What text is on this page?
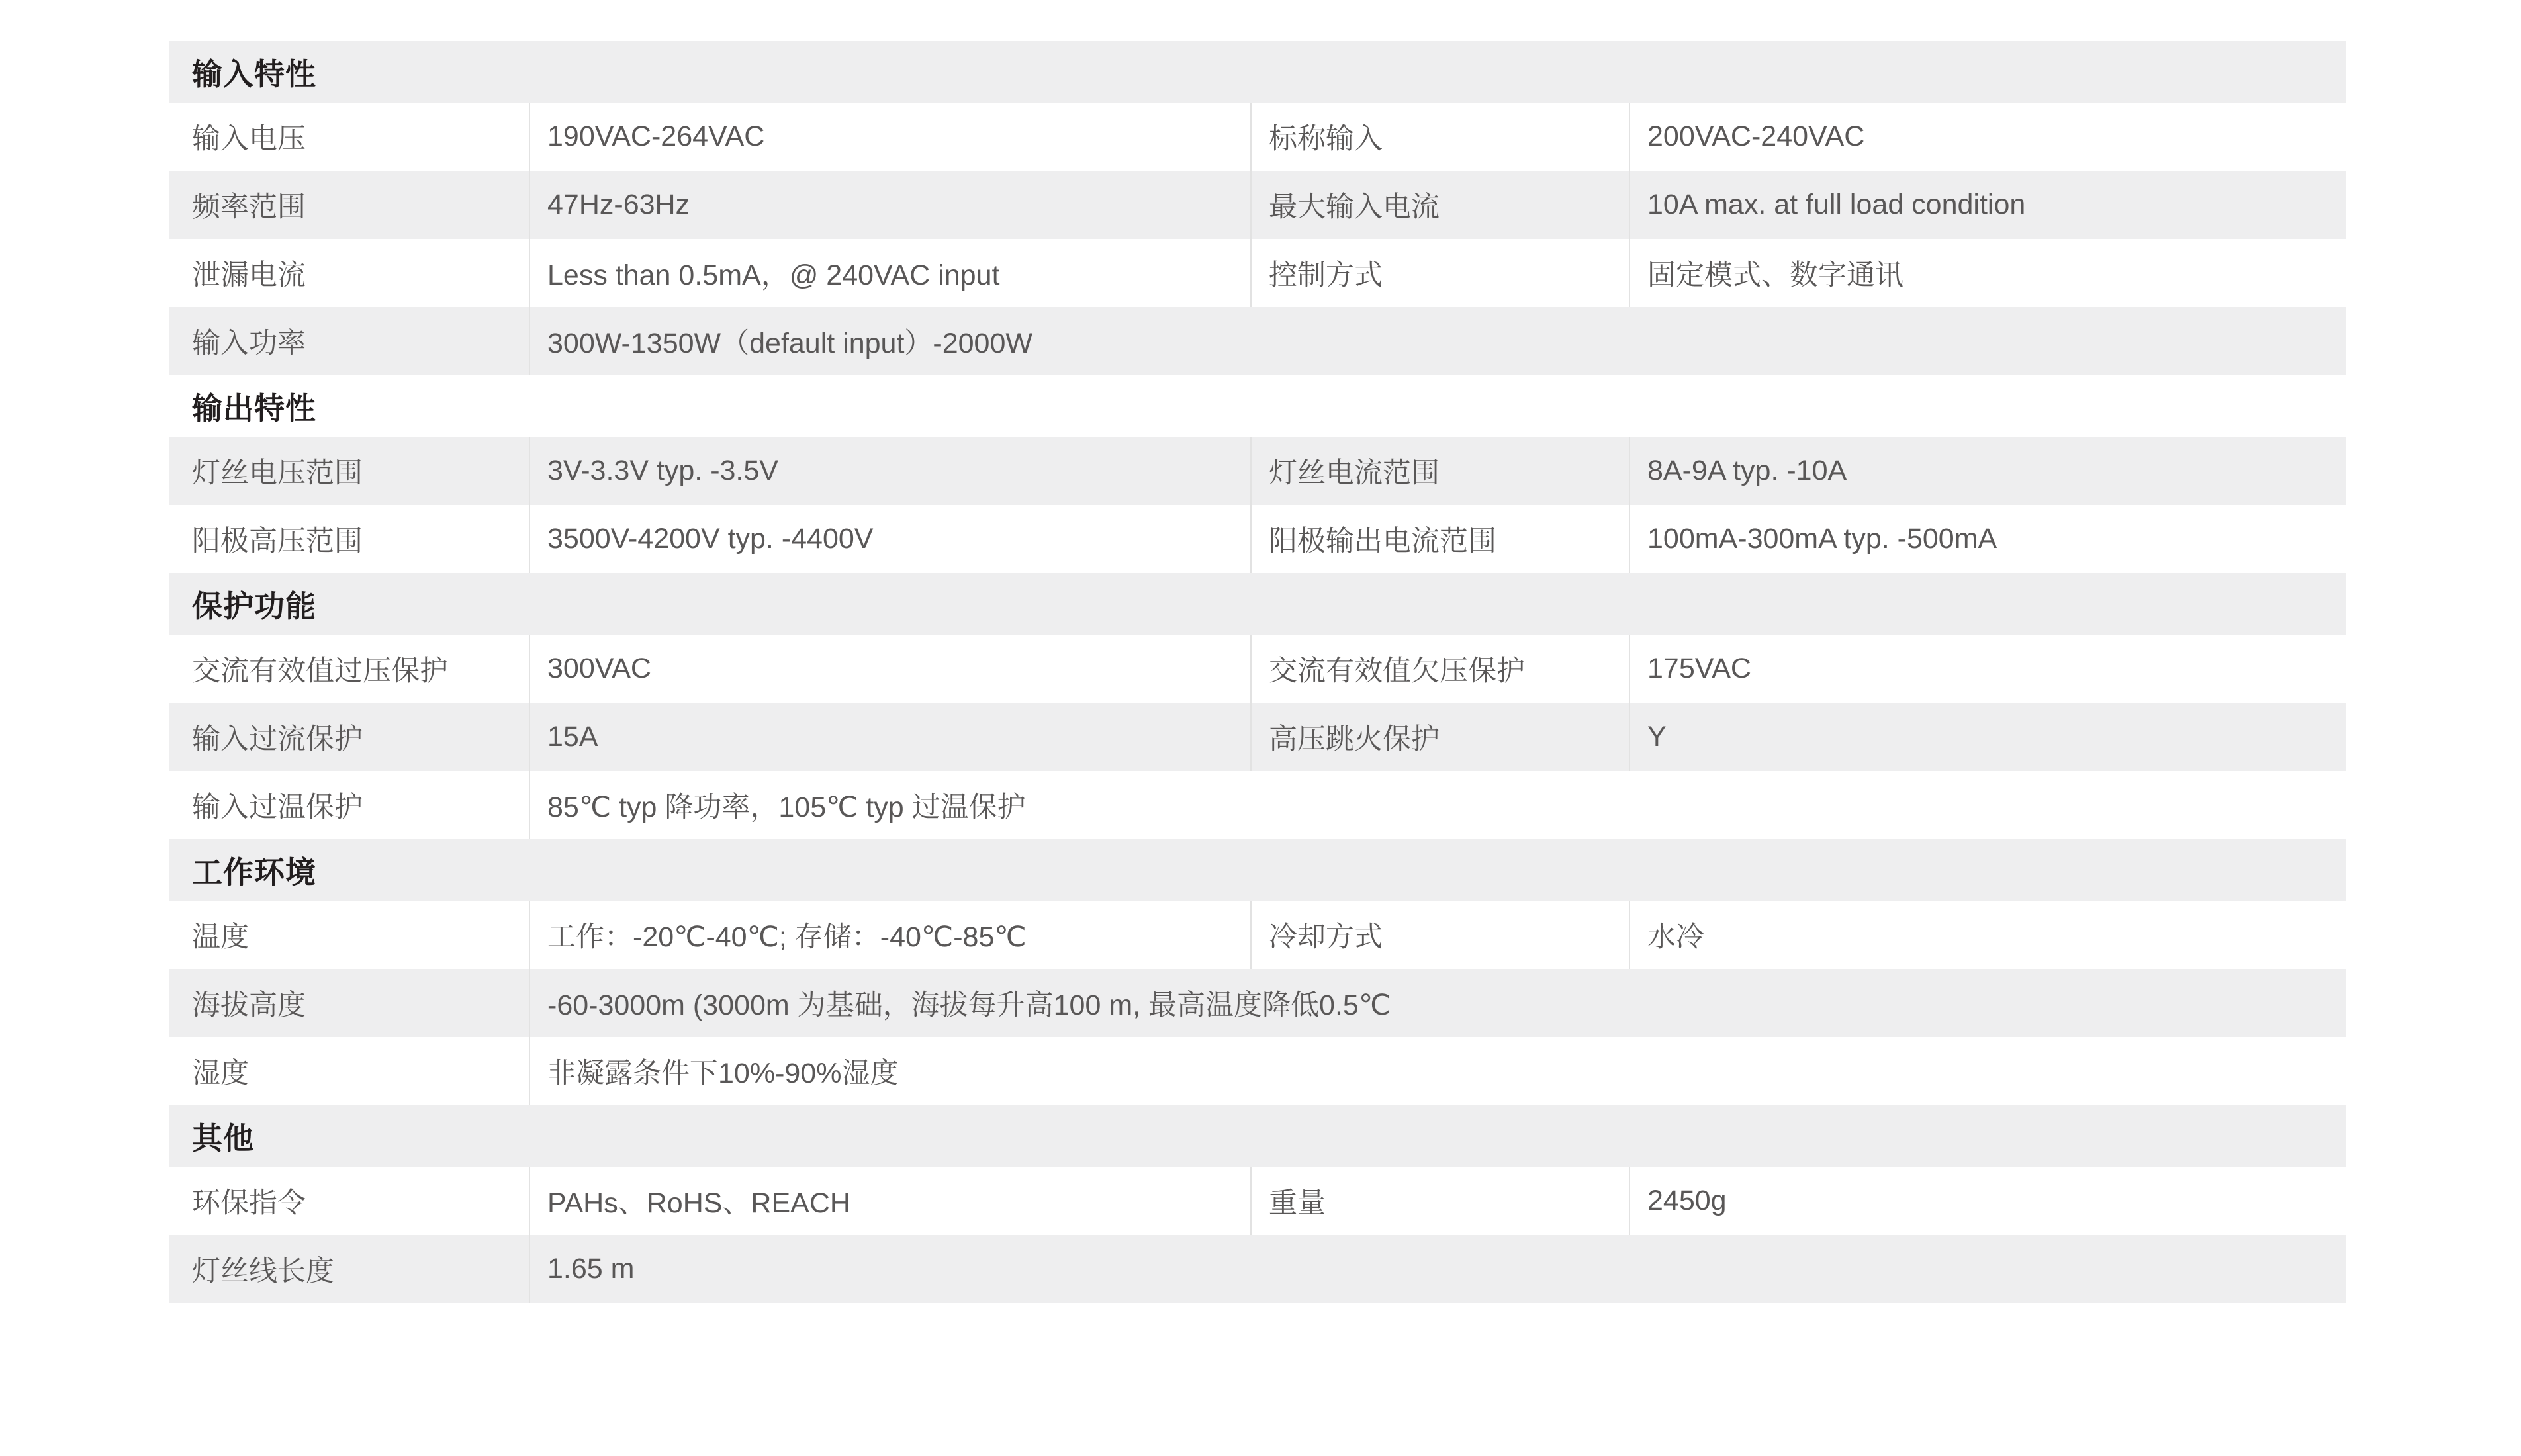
输入特性
输入电压	190VAC-264VAC	标称输入	200VAC-240VAC
频率范围	47Hz-63Hz	最大输入电流	10A max. at full load condition
泄漏电流	Less than 0.5mA，@ 240VAC input	控制方式	固定模式、数字通讯
输入功率	300W-1350W（default input）-2000W
输出特性
灯丝电压范围	3V-3.3V typ. -3.5V	灯丝电流范围	8A-9A typ. -10A
阳极高压范围	3500V-4200V typ. -4400V	阳极输出电流范围	100mA-300mA typ. -500mA
保护功能
交流有效值过压保护	300VAC	交流有效值欠压保护	175VAC
输入过流保护	15A	高压跳火保护	Y
输入过温保护	85℃ typ 降功率，105℃ typ 过温保护
工作环境
温度	工作：-20℃-40℃; 存储：-40℃-85℃	冷却方式	水冷
海拔高度	-60-3000m (3000m 为基础，海拔每升高100 m, 最高温度降低0.5℃
湿度	非凝露条件下10%-90%湿度
其他
环保指令	PAHs、RoHS、REACH	重量	2450g
灯丝线长度	1.65 m
